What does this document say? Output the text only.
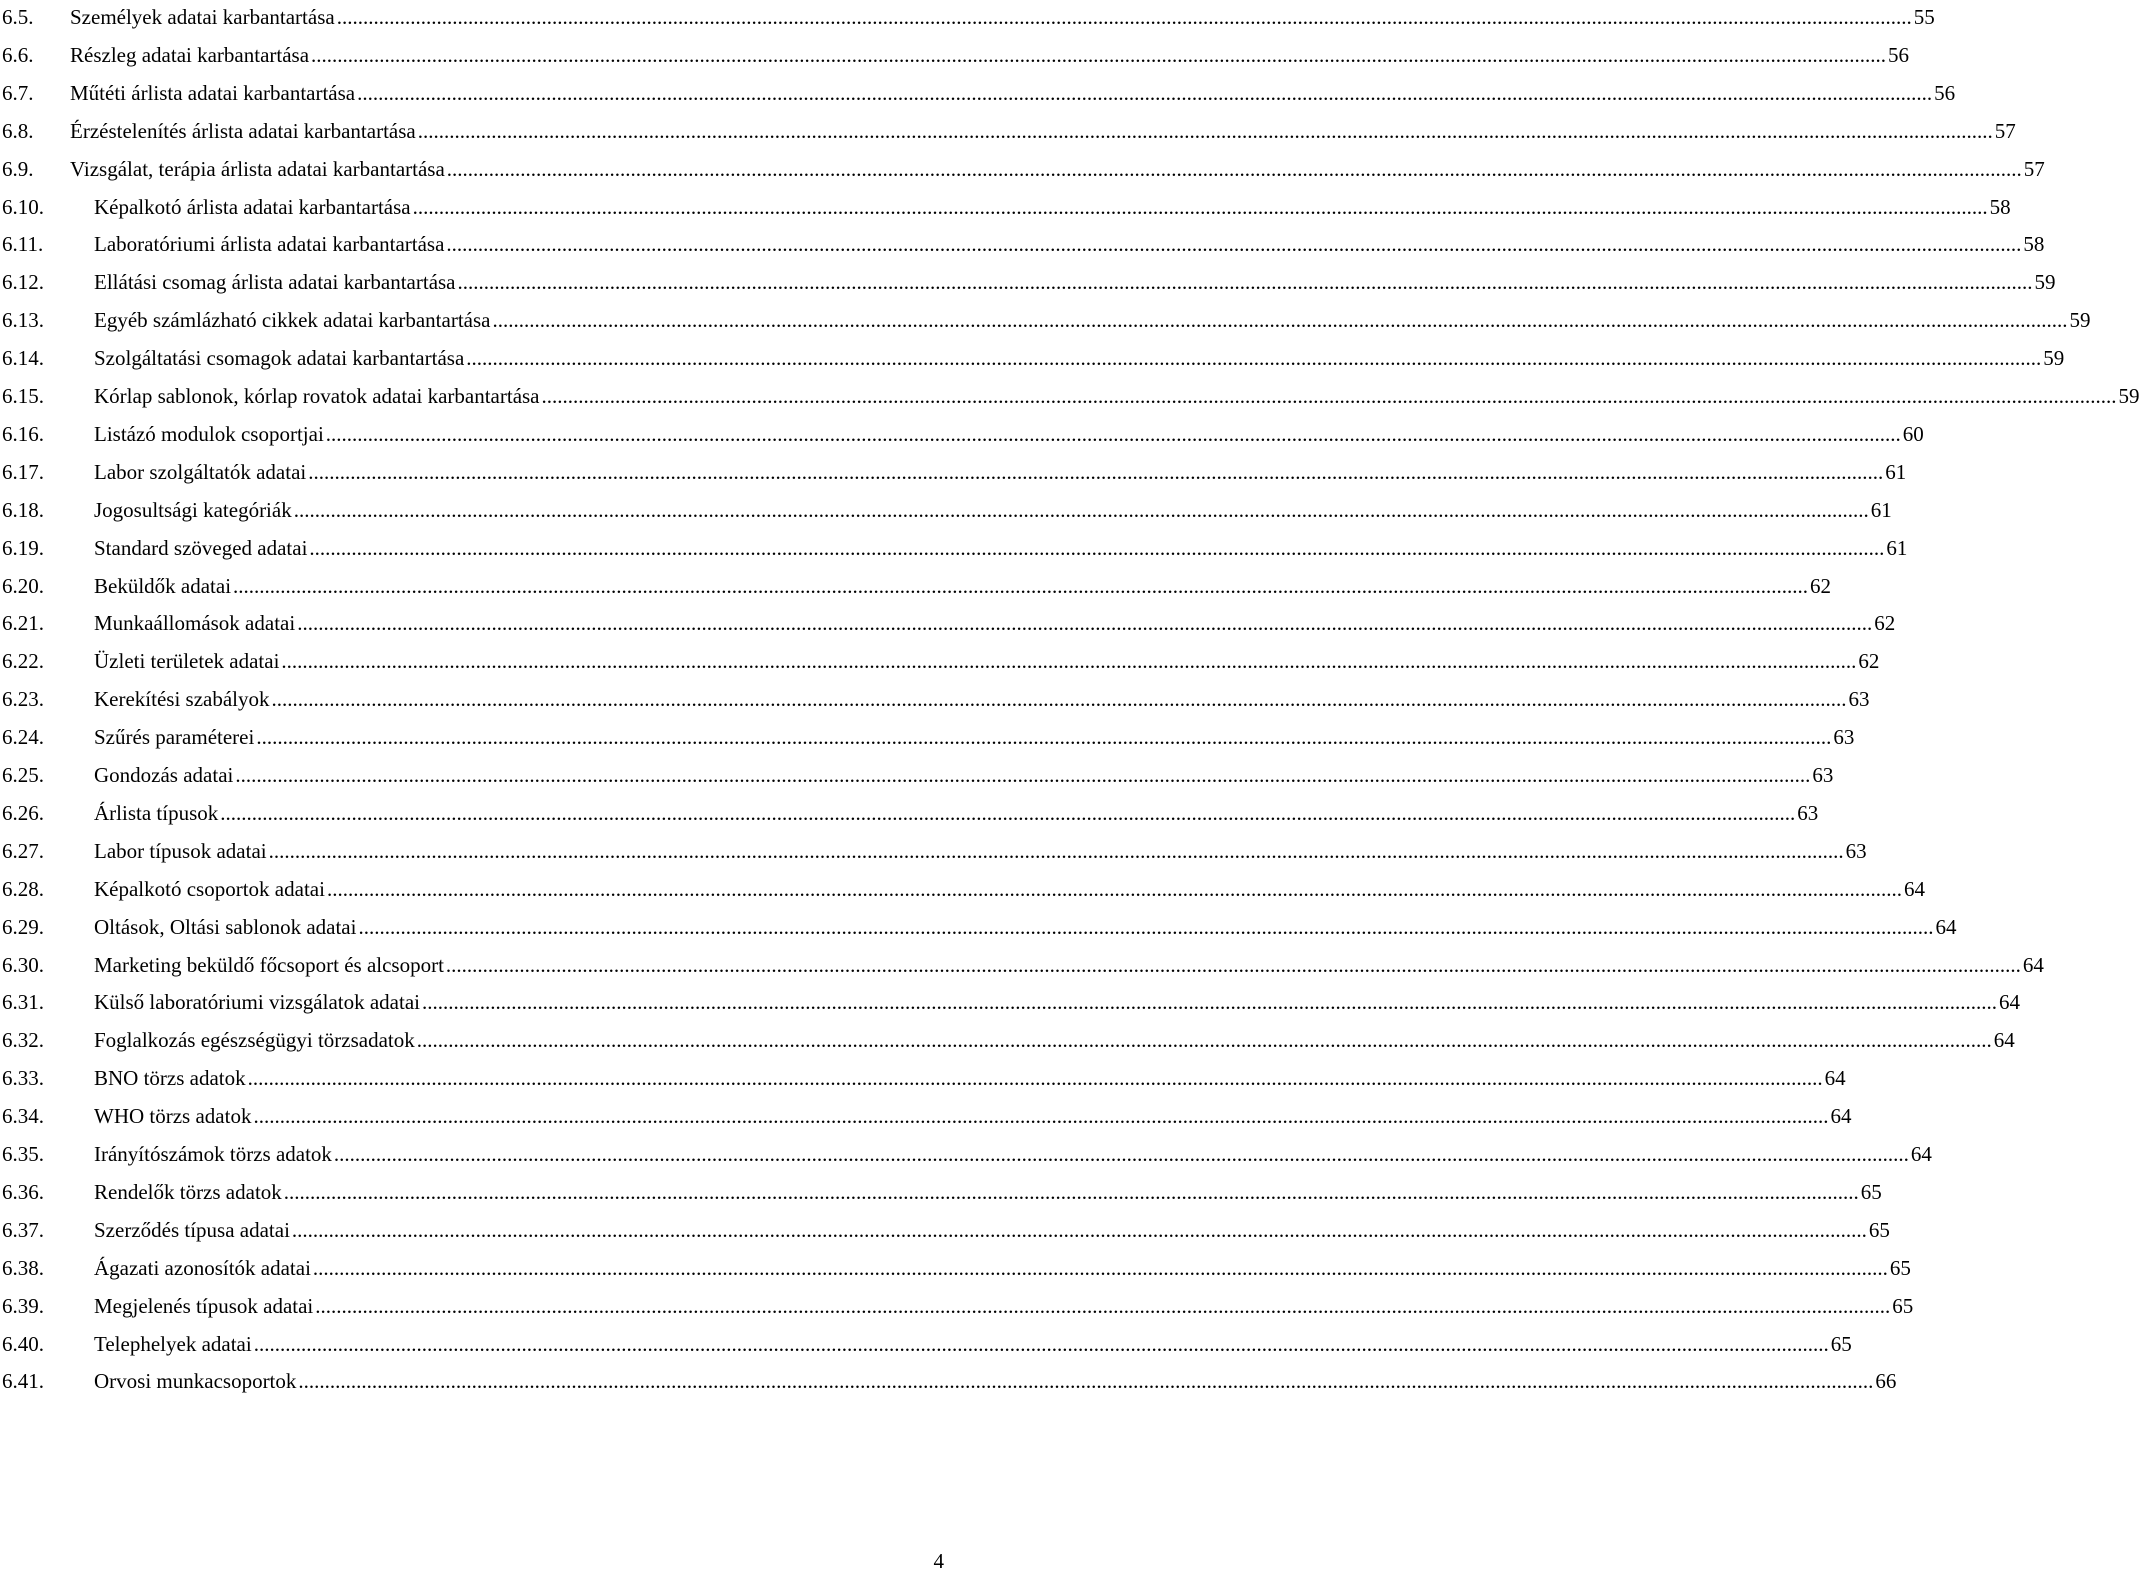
6.5. Személyek adatai karbantartása ............................................................................................................................................................................................................................................................................................................ 55
6.6. Részleg adatai karbantartása ............................................................................................................................................................................................................................................................................................................ 56
6.7. Műtéti árlista adatai karbantartása ............................................................................................................................................................................................................................................................................................................ 56
6.8. Érzéstelenítés árlista adatai karbantartása ............................................................................................................................................................................................................................................................................................................ 57
6.9. Vizsgálat, terápia árlista adatai karbantartása ............................................................................................................................................................................................................................................................................................................ 57
6.10. Képalkotó árlista adatai karbantartása ............................................................................................................................................................................................................................................................................................................ 58
6.11. Laboratóriumi árlista adatai karbantartása ............................................................................................................................................................................................................................................................................................................ 58
6.12. Ellátási csomag árlista adatai karbantartása ............................................................................................................................................................................................................................................................................................................ 59
6.13. Egyéb számlázható cikkek adatai karbantartása ............................................................................................................................................................................................................................................................................................................ 59
6.14. Szolgáltatási csomagok adatai karbantartása ............................................................................................................................................................................................................................................................................................................ 59
6.15. Kórlap sablonok, kórlap rovatok adatai karbantartása ............................................................................................................................................................................................................................................................................................................ 59
6.16. Listázó modulok csoportjai ............................................................................................................................................................................................................................................................................................................ 60
6.17. Labor szolgáltatók adatai ............................................................................................................................................................................................................................................................................................................ 61
6.18. Jogosultsági kategóriák ............................................................................................................................................................................................................................................................................................................ 61
6.19. Standard szöveged adatai ............................................................................................................................................................................................................................................................................................................ 61
6.20. Beküldők adatai ............................................................................................................................................................................................................................................................................................................ 62
6.21. Munkaállomások adatai ............................................................................................................................................................................................................................................................................................................ 62
6.22. Üzleti területek adatai ............................................................................................................................................................................................................................................................................................................ 62
6.23. Kerekítési szabályok ............................................................................................................................................................................................................................................................................................................ 63
6.24. Szűrés paraméterei ............................................................................................................................................................................................................................................................................................................ 63
6.25. Gondozás adatai ............................................................................................................................................................................................................................................................................................................ 63
6.26. Árlista típusok ............................................................................................................................................................................................................................................................................................................ 63
6.27. Labor típusok adatai ............................................................................................................................................................................................................................................................................................................ 63
6.28. Képalkotó csoportok adatai ............................................................................................................................................................................................................................................................................................................ 64
6.29. Oltások, Oltási sablonok adatai ............................................................................................................................................................................................................................................................................................................ 64
6.30. Marketing beküldő főcsoport és alcsoport ............................................................................................................................................................................................................................................................................................................ 64
6.31. Külső laboratóriumi vizsgálatok adatai ............................................................................................................................................................................................................................................................................................................ 64
6.32. Foglalkozás egészségügyi törzsadatok ............................................................................................................................................................................................................................................................................................................ 64
6.33. BNO törzs adatok ............................................................................................................................................................................................................................................................................................................ 64
6.34. WHO törzs adatok ............................................................................................................................................................................................................................................................................................................ 64
6.35. Irányítószámok törzs adatok ............................................................................................................................................................................................................................................................................................................ 64
6.36. Rendelők törzs adatok ............................................................................................................................................................................................................................................................................................................ 65
6.37. Szerződés típusa adatai ............................................................................................................................................................................................................................................................................................................ 65
6.38. Ágazati azonosítók adatai ............................................................................................................................................................................................................................................................................................................ 65
6.39. Megjelenés típusok adatai ............................................................................................................................................................................................................................................................................................................ 65
6.40. Telephelyek adatai ............................................................................................................................................................................................................................................................................................................ 65
6.41. Orvosi munkacsoportok ............................................................................................................................................................................................................................................................................................................ 66
4
